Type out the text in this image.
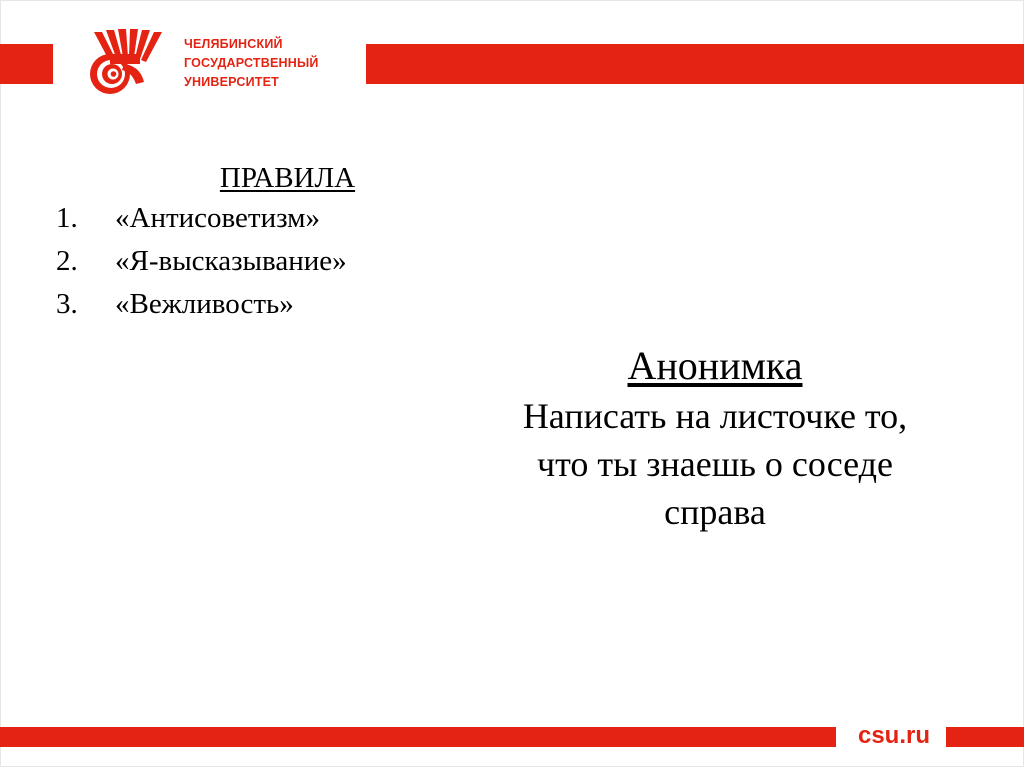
ЧЕЛЯБИНСКИЙ
ГОСУДАРСТВЕННЫЙ
УНИВЕРСИТЕТ
ПРАВИЛА
1.	«Антисоветизм»
2.	«Я-высказывание»
3.	«Вежливость»
Анонимка
Написать на листочке то,
что ты знаешь о соседе
справа
csu.ru
